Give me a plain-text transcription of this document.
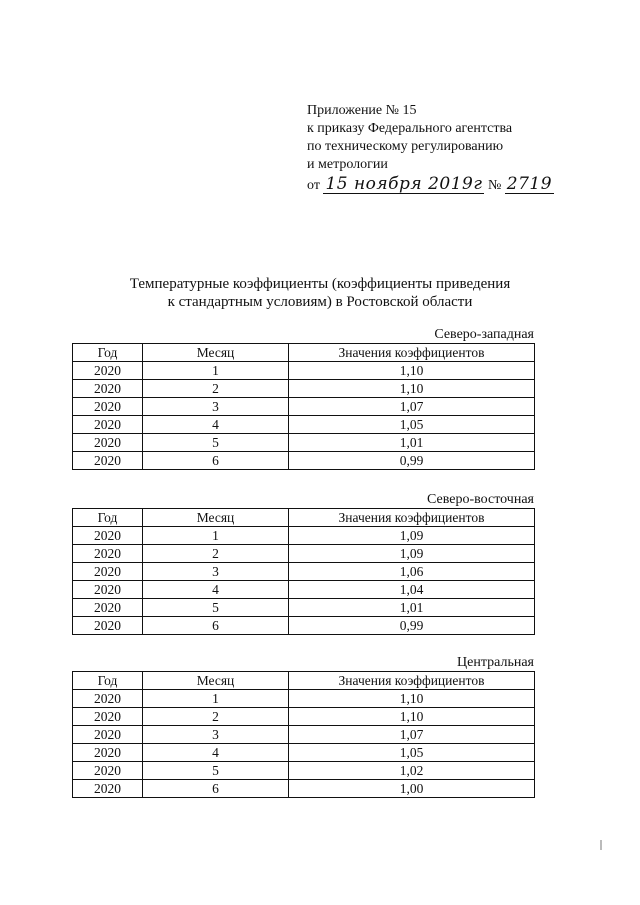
Приложение № 15
к приказу Федерального агентства
по техническому регулированию
и метрологии
от 15 ноября 2019г № 2719
Температурные коэффициенты (коэффициенты приведения
к стандартным условиям) в Ростовской области
Северо-западная
Год	Месяц	Значения коэффициентов
2020	1	1,10
2020	2	1,10
2020	3	1,07
2020	4	1,05
2020	5	1,01
2020	6	0,99
Северо-восточная
Год	Месяц	Значения коэффициентов
2020	1	1,09
2020	2	1,09
2020	3	1,06
2020	4	1,04
2020	5	1,01
2020	6	0,99
Центральная
Год	Месяц	Значения коэффициентов
2020	1	1,10
2020	2	1,10
2020	3	1,07
2020	4	1,05
2020	5	1,02
2020	6	1,00
